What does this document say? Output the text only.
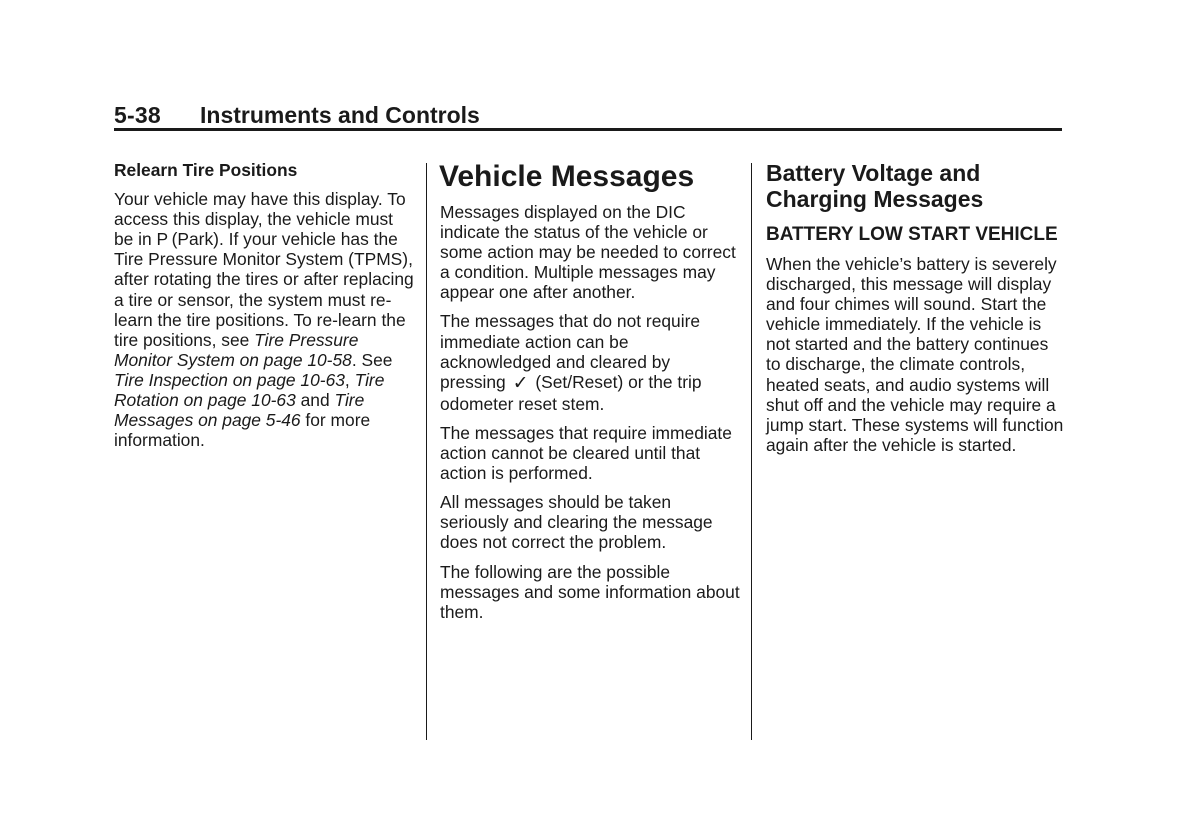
5-38 Instruments and Controls
Relearn Tire Positions

Your vehicle may have this display. To access this display, the vehicle must be in P (Park). If your vehicle has the Tire Pressure Monitor System (TPMS), after rotating the tires or after replacing a tire or sensor, the system must re-learn the tire positions. To re-learn the tire positions, see Tire Pressure Monitor System on page 10-58. See Tire Inspection on page 10-63, Tire Rotation on page 10-63 and Tire Messages on page 5-46 for more information.

Vehicle Messages

Messages displayed on the DIC indicate the status of the vehicle or some action may be needed to correct a condition. Multiple messages may appear one after another.

The messages that do not require immediate action can be acknowledged and cleared by pressing ✓ (Set/Reset) or the trip odometer reset stem.

The messages that require immediate action cannot be cleared until that action is performed.

All messages should be taken seriously and clearing the message does not correct the problem.

The following are the possible messages and some information about them.

Battery Voltage and Charging Messages
BATTERY LOW START VEHICLE

When the vehicle’s battery is severely discharged, this message will display and four chimes will sound. Start the vehicle immediately. If the vehicle is not started and the battery continues to discharge, the climate controls, heated seats, and audio systems will shut off and the vehicle may require a jump start. These systems will function again after the vehicle is started.
